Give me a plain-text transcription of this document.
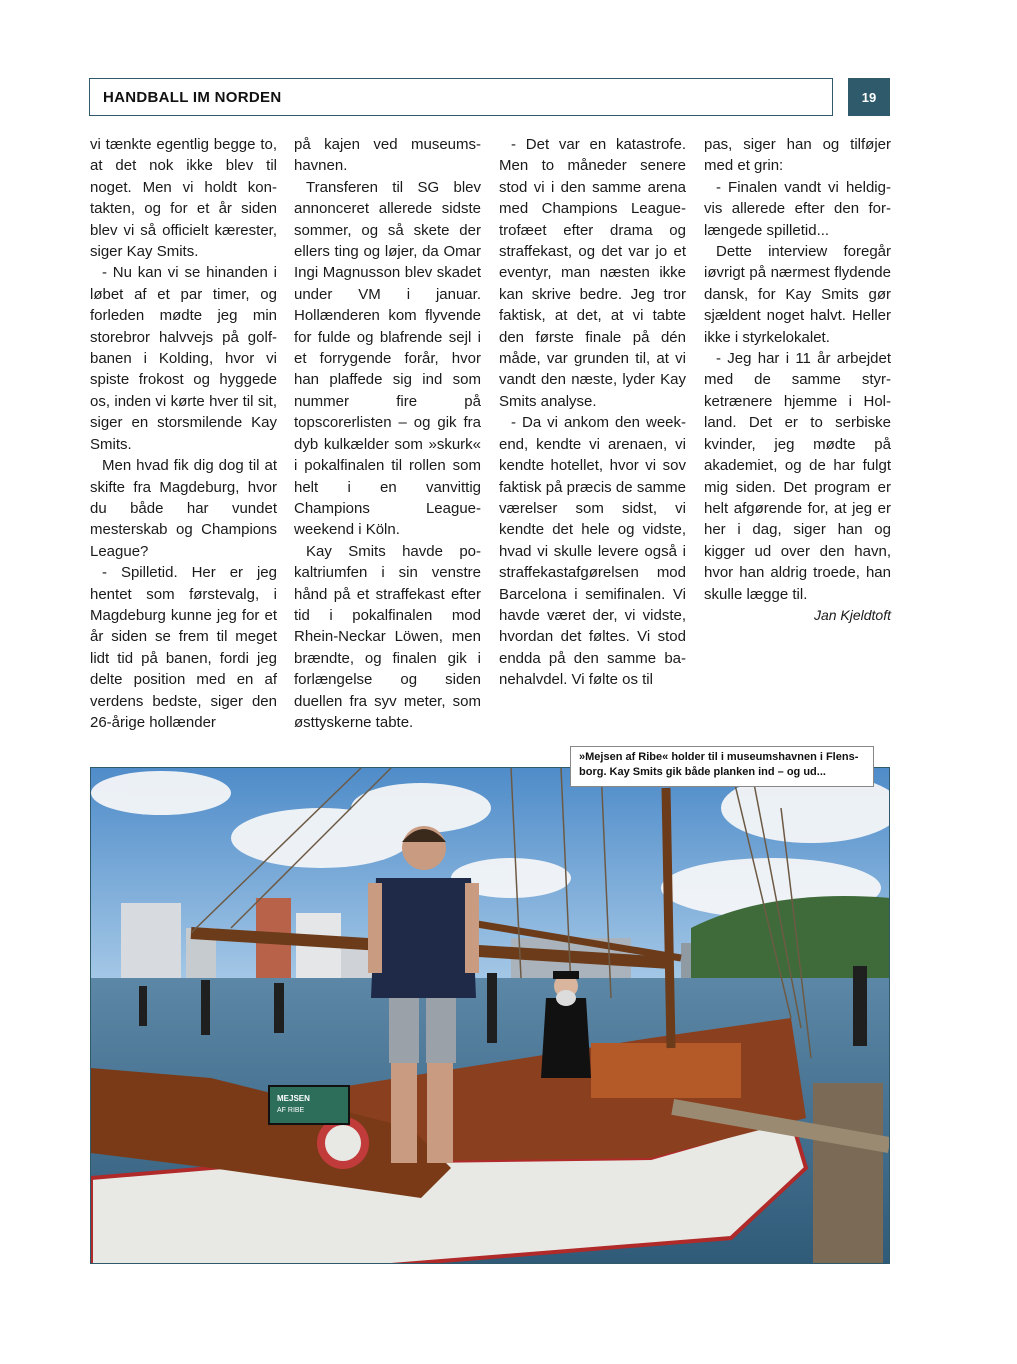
HANDBALL IM NORDEN	19

vi tænkte egentlig begge to, at det nok ikke blev til noget. Men vi holdt kontakten, og for et år siden blev vi så officielt kærester, siger Kay Smits.

- Nu kan vi se hinanden i løbet af et par timer, og forleden mødte jeg min storebror halvvejs på golfbanen i Kolding, hvor vi spiste frokost og hyggede os, inden vi kørte hver til sit, siger en storsmilende Kay Smits.

Men hvad fik dig dog til at skifte fra Magdeburg, hvor du både har vundet mesterskab og Champions League?

- Spilletid. Her er jeg hentet som førstevalg, i Magdeburg kunne jeg for et år siden se frem til meget lidt tid på banen, fordi jeg delte position med en af verdens bedste, siger den 26-årige hollænder

på kajen ved museumshavnen.

Transferen til SG blev annonceret allerede sidste sommer, og så skete der ellers ting og løjer, da Omar Ingi Magnusson blev skadet under VM i januar. Hollænderen kom flyvende for fulde og blafrende sejl i et forrygende forår, hvor han plaffede sig ind som nummer fire på topscorerlisten – og gik fra dyb kulkælder som »skurk« i pokalfinalen til rollen som helt i en vanvittig Champions League-weekend i Köln.

Kay Smits havde pokaltriumfen i sin venstre hånd på et straffekast efter tid i pokalfinalen mod Rhein-Neckar Löwen, men brændte, og finalen gik i forlængelse og siden duellen fra syv meter, som østtyskerne tabte.

- Det var en katastrofe. Men to måneder senere stod vi i den samme arena med Champions League-trofæet efter drama og straffekast, og det var jo et eventyr, man næsten ikke kan skrive bedre. Jeg tror faktisk, at det, at vi tabte den første finale på dén måde, var grunden til, at vi vandt den næste, lyder Kay Smits analyse.

- Da vi ankom den weekend, kendte vi arenaen, vi kendte hotellet, hvor vi sov faktisk på præcis de samme værelser som sidst, vi kendte det hele og vidste, hvad vi skulle levere også i straffekastafgørelsen mod Barcelona i semifinalen. Vi havde været der, vi vidste, hvordan det føltes. Vi stod endda på den samme banehalvdel. Vi følte os til

pas, siger han og tilføjer med et grin:

- Finalen vandt vi heldigvis allerede efter den forlængede spilletid...

Dette interview foregår iøvrigt på nærmest flydende dansk, for Kay Smits gør sjældent noget halvt. Heller ikke i styrkelokalet.

- Jeg har i 11 år arbejdet med de samme styrketrænere hjemme i Holland. Det er to serbiske kvinder, jeg mødte på akademiet, og de har fulgt mig siden. Det program er helt afgørende for, at jeg er her i dag, siger han og kigger ud over den havn, hvor han aldrig troede, han skulle lægge til.

Jan Kjeldtoft

MEJSEN
AF RIBE
»Mejsen af Ribe« holder til i museumshavnen i Flensborg. Kay Smits gik både planken ind – og ud...
